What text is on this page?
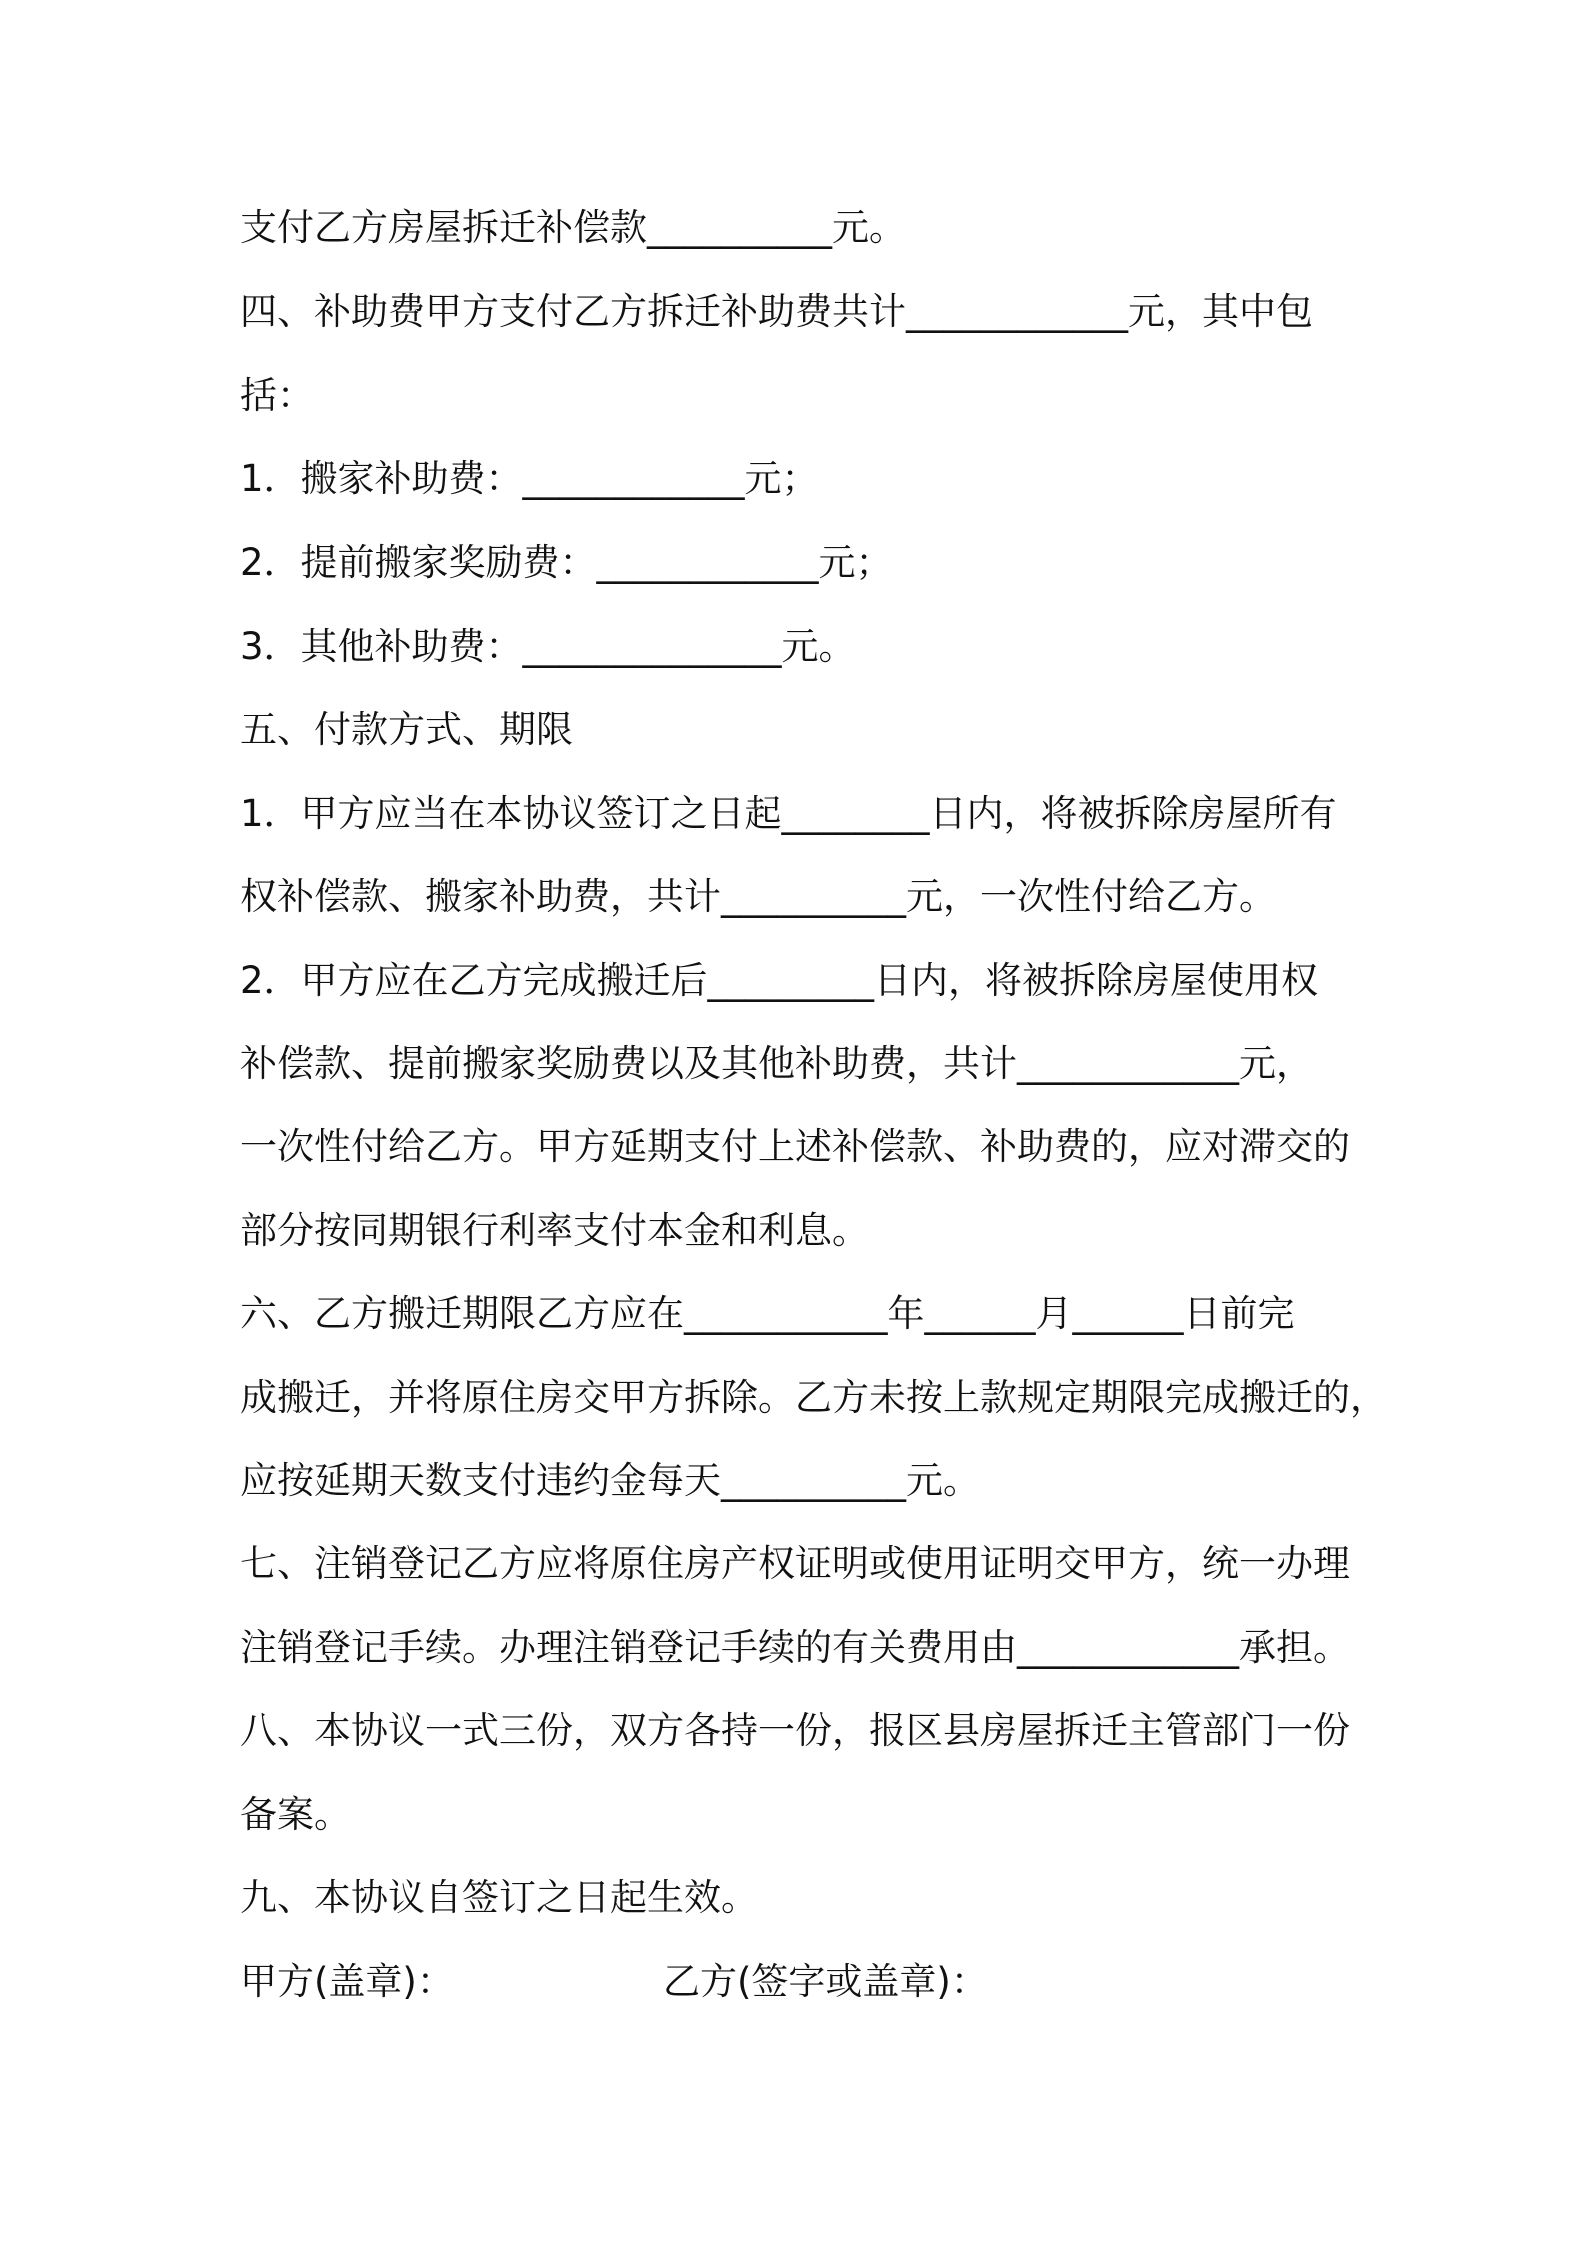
支付乙方房屋拆迁补偿款__________元。
四、补助费甲方支付乙方拆迁补助费共计____________元，其中包
括：
1．搬家补助费：____________元；
2．提前搬家奖励费：____________元；
3．其他补助费：______________元。
五、付款方式、期限
1．甲方应当在本协议签订之日起________日内，将被拆除房屋所有
权补偿款、搬家补助费，共计__________元，一次性付给乙方。
2．甲方应在乙方完成搬迁后_________日内，将被拆除房屋使用权
补偿款、提前搬家奖励费以及其他补助费，共计____________元，
一次性付给乙方。甲方延期支付上述补偿款、补助费的，应对滞交的
部分按同期银行利率支付本金和利息。
六、乙方搬迁期限乙方应在___________年______月______日前完
成搬迁，并将原住房交甲方拆除。乙方未按上款规定期限完成搬迁的，
应按延期天数支付违约金每天__________元。
七、注销登记乙方应将原住房产权证明或使用证明交甲方，统一办理
注销登记手续。办理注销登记手续的有关费用由____________承担。
八、本协议一式三份，双方各持一份，报区县房屋拆迁主管部门一份
备案。
九、本协议自签订之日起生效。
甲方(盖章)：	乙方(签字或盖章)：
